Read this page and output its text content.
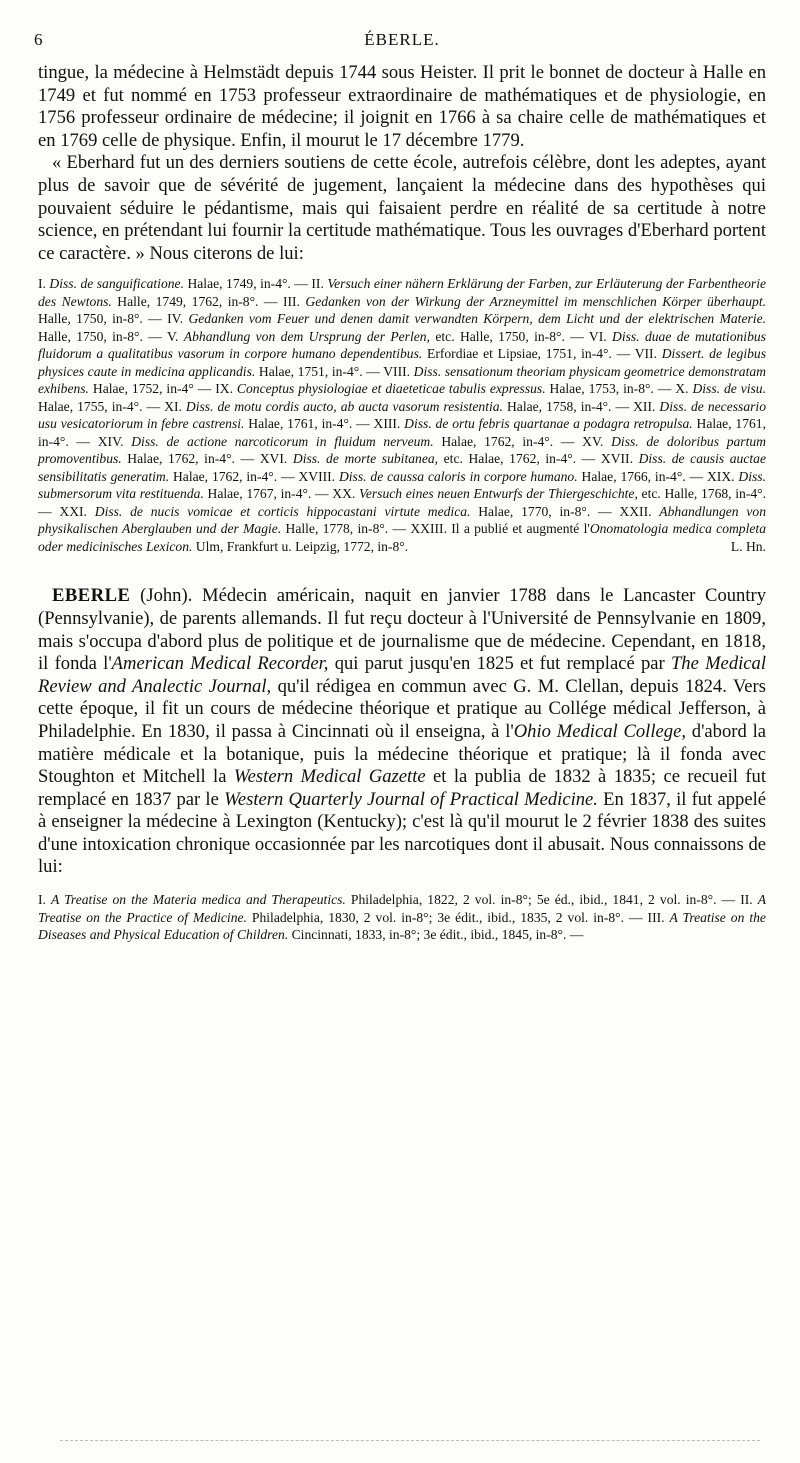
6	ÉBERLE.

tingue, la médecine à Helmstädt depuis 1744 sous Heister. Il prit le bonnet de docteur à Halle en 1749 et fut nommé en 1753 professeur extraordinaire de mathématiques et de physiologie, en 1756 professeur ordinaire de médecine; il joignit en 1766 à sa chaire celle de mathématiques et en 1769 celle de physique. Enfin, il mourut le 17 décembre 1779.

« Eberhard fut un des derniers soutiens de cette école, autrefois célèbre, dont les adeptes, ayant plus de savoir que de sévérité de jugement, lançaient la médecine dans des hypothèses qui pouvaient séduire le pédantisme, mais qui faisaient perdre en réalité de sa certitude à notre science, en prétendant lui fournir la certitude mathématique. Tous les ouvrages d'Eberhard portent ce caractère. » Nous citerons de lui:

I. Diss. de sanguificatione. Halae, 1749, in-4°. — II. Versuch einer nähern Erklärung der Farben, zur Erläuterung der Farbentheorie des Newtons. Halle, 1749, 1762, in-8°. — III. Gedanken von der Wirkung der Arzneymittel im menschlichen Körper überhaupt. Halle, 1750, in-8°. — IV. Gedanken vom Feuer und denen damit verwandten Körpern, dem Licht und der elektrischen Materie. Halle, 1750, in-8°. — V. Abhandlung von dem Ursprung der Perlen, etc. Halle, 1750, in-8°. — VI. Diss. duae de mutationibus fluidorum a qualitatibus vasorum in corpore humano dependentibus. Erfordiae et Lipsiae, 1751, in-4°. — VII. Dissert. de legibus physices caute in medicina applicandis. Halae, 1751, in-4°. — VIII. Diss. sensationum theoriam physicam geometrice demonstratam exhibens. Halae, 1752, in-4° — IX. Conceptus physiologiae et diaeteticae tabulis expressus. Halae, 1753, in-8°. — X. Diss. de visu. Halae, 1755, in-4°. — XI. Diss. de motu cordis aucto, ab aucta vasorum resistentia. Halae, 1758, in-4°. — XII. Diss. de necessario usu vesicatoriorum in febre castrensi. Halae, 1761, in-4°. — XIII. Diss. de ortu febris quartanae a podagra retropulsa. Halae, 1761, in-4°. — XIV. Diss. de actione narcoticorum in fluidum nerveum. Halae, 1762, in-4°. — XV. Diss. de doloribus partum promoventibus. Halae, 1762, in-4°. — XVI. Diss. de morte subitanea, etc. Halae, 1762, in-4°. — XVII. Diss. de causis auctae sensibilitatis generatim. Halae, 1762, in-4°. — XVIII. Diss. de caussa caloris in corpore humano. Halae, 1766, in-4°. — XIX. Diss. submersorum vita restituenda. Halae, 1767, in-4°. — XX. Versuch eines neuen Entwurfs der Thiergeschichte, etc. Halle, 1768, in-4°. — XXI. Diss. de nucis vomicae et corticis hippocastani virtute medica. Halae, 1770, in-8°. — XXII. Abhandlungen von physikalischen Aberglauben und der Magie. Halle, 1778, in-8°. — XXIII. Il a publié et augmenté l'Onomatologia medica completa oder medicinisches Lexicon. Ulm, Frankfurt u. Leipzig, 1772, in-8°.	L. Hn.

EBERLE (John). Médecin américain, naquit en janvier 1788 dans le Lancaster Country (Pennsylvanie), de parents allemands. Il fut reçu docteur à l'Université de Pennsylvanie en 1809, mais s'occupa d'abord plus de politique et de journalisme que de médecine. Cependant, en 1818, il fonda l'American Medical Recorder, qui parut jusqu'en 1825 et fut remplacé par The Medical Review and Analectic Journal, qu'il rédigea en commun avec G. M. Clellan, depuis 1824. Vers cette époque, il fit un cours de médecine théorique et pratique au Collége médical Jefferson, à Philadelphie. En 1830, il passa à Cincinnati où il enseigna, à l'Ohio Medical College, d'abord la matière médicale et la botanique, puis la médecine théorique et pratique; là il fonda avec Stoughton et Mitchell la Western Medical Gazette et la publia de 1832 à 1835; ce recueil fut remplacé en 1837 par le Western Quarterly Journal of Practical Medicine. En 1837, il fut appelé à enseigner la médecine à Lexington (Kentucky); c'est là qu'il mourut le 2 février 1838 des suites d'une intoxication chronique occasionnée par les narcotiques dont il abusait. Nous connaissons de lui:

I. A Treatise on the Materia medica and Therapeutics. Philadelphia, 1822, 2 vol. in-8°; 5e éd., ibid., 1841, 2 vol. in-8°. — II. A Treatise on the Practice of Medicine. Philadelphia, 1830, 2 vol. in-8°; 3e édit., ibid., 1835, 2 vol. in-8°. — III. A Treatise on the Diseases and Physical Education of Children. Cincinnati, 1833, in-8°; 3e édit., ibid., 1845, in-8°. —
